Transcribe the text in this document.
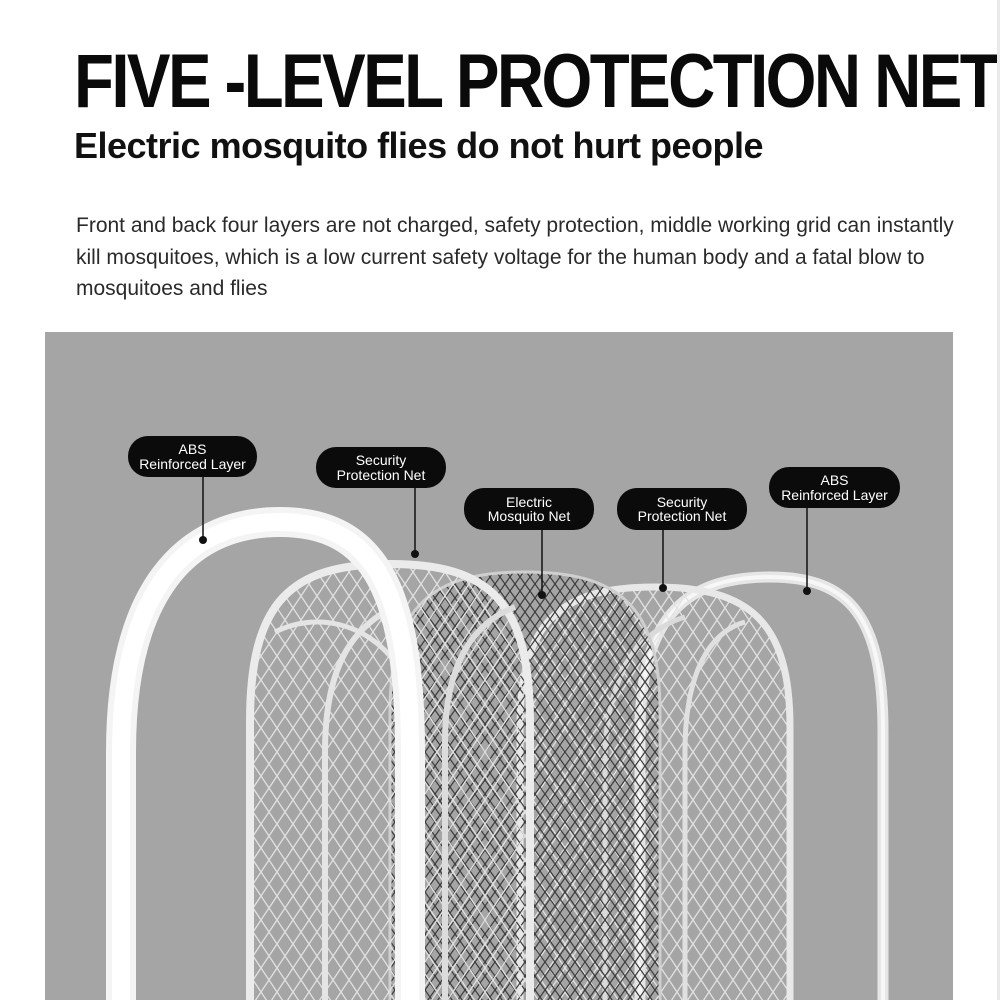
FIVE -LEVEL PROTECTION NET
Electric mosquito flies do not hurt people

Front and back four layers are not charged, safety protection, middle working grid can instantly kill mosquitoes, which is a low current safety voltage for the human body and a fatal blow to mosquitoes and flies

ABS
Reinforced Layer	Security
Protection Net
Electric
Mosquito Net
Security
Protection Net
ABS
Reinforced Layer
